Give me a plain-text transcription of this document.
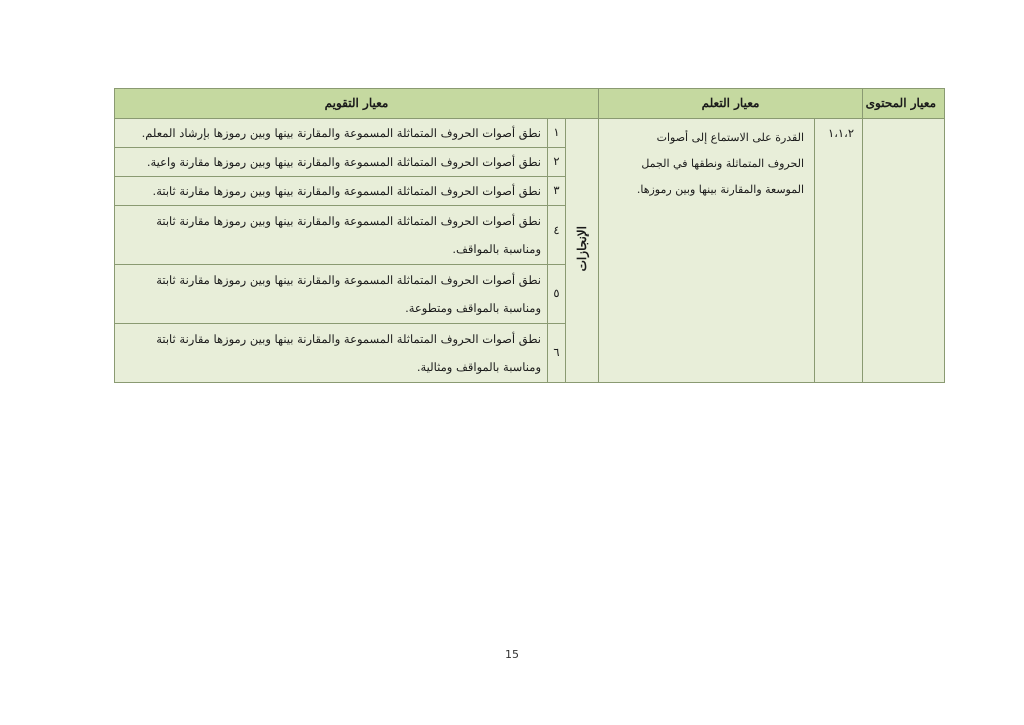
معيار المحتوى	معيار التعلم		معيار التقويم		
	١،١،٢	القدرة على الاستماع إلى أصوات
الحروف المتماثلة ونطقها في الجمل
الموسعة والمقارنة بينها وبين رموزها.	الإنجازات	١	نطق أصوات الحروف المتماثلة المسموعة والمقارنة بينها وبين رموزها بإرشاد المعلم.

				٢	نطق أصوات الحروف المتماثلة المسموعة والمقارنة بينها وبين رموزها مقارنة واعية.

				٣	نطق أصوات الحروف المتماثلة المسموعة والمقارنة بينها وبين رموزها مقارنة ثابتة.

				٤	نطق أصوات الحروف المتماثلة المسموعة والمقارنة بينها وبين رموزها مقارنة ثابتة
ومناسبة بالمواقف.

				٥	نطق أصوات الحروف المتماثلة المسموعة والمقارنة بينها وبين رموزها مقارنة ثابتة
ومناسبة بالمواقف ومتطوعة.

				٦	نطق أصوات الحروف المتماثلة المسموعة والمقارنة بينها وبين رموزها مقارنة ثابتة
ومناسبة بالمواقف ومثالية.
15
